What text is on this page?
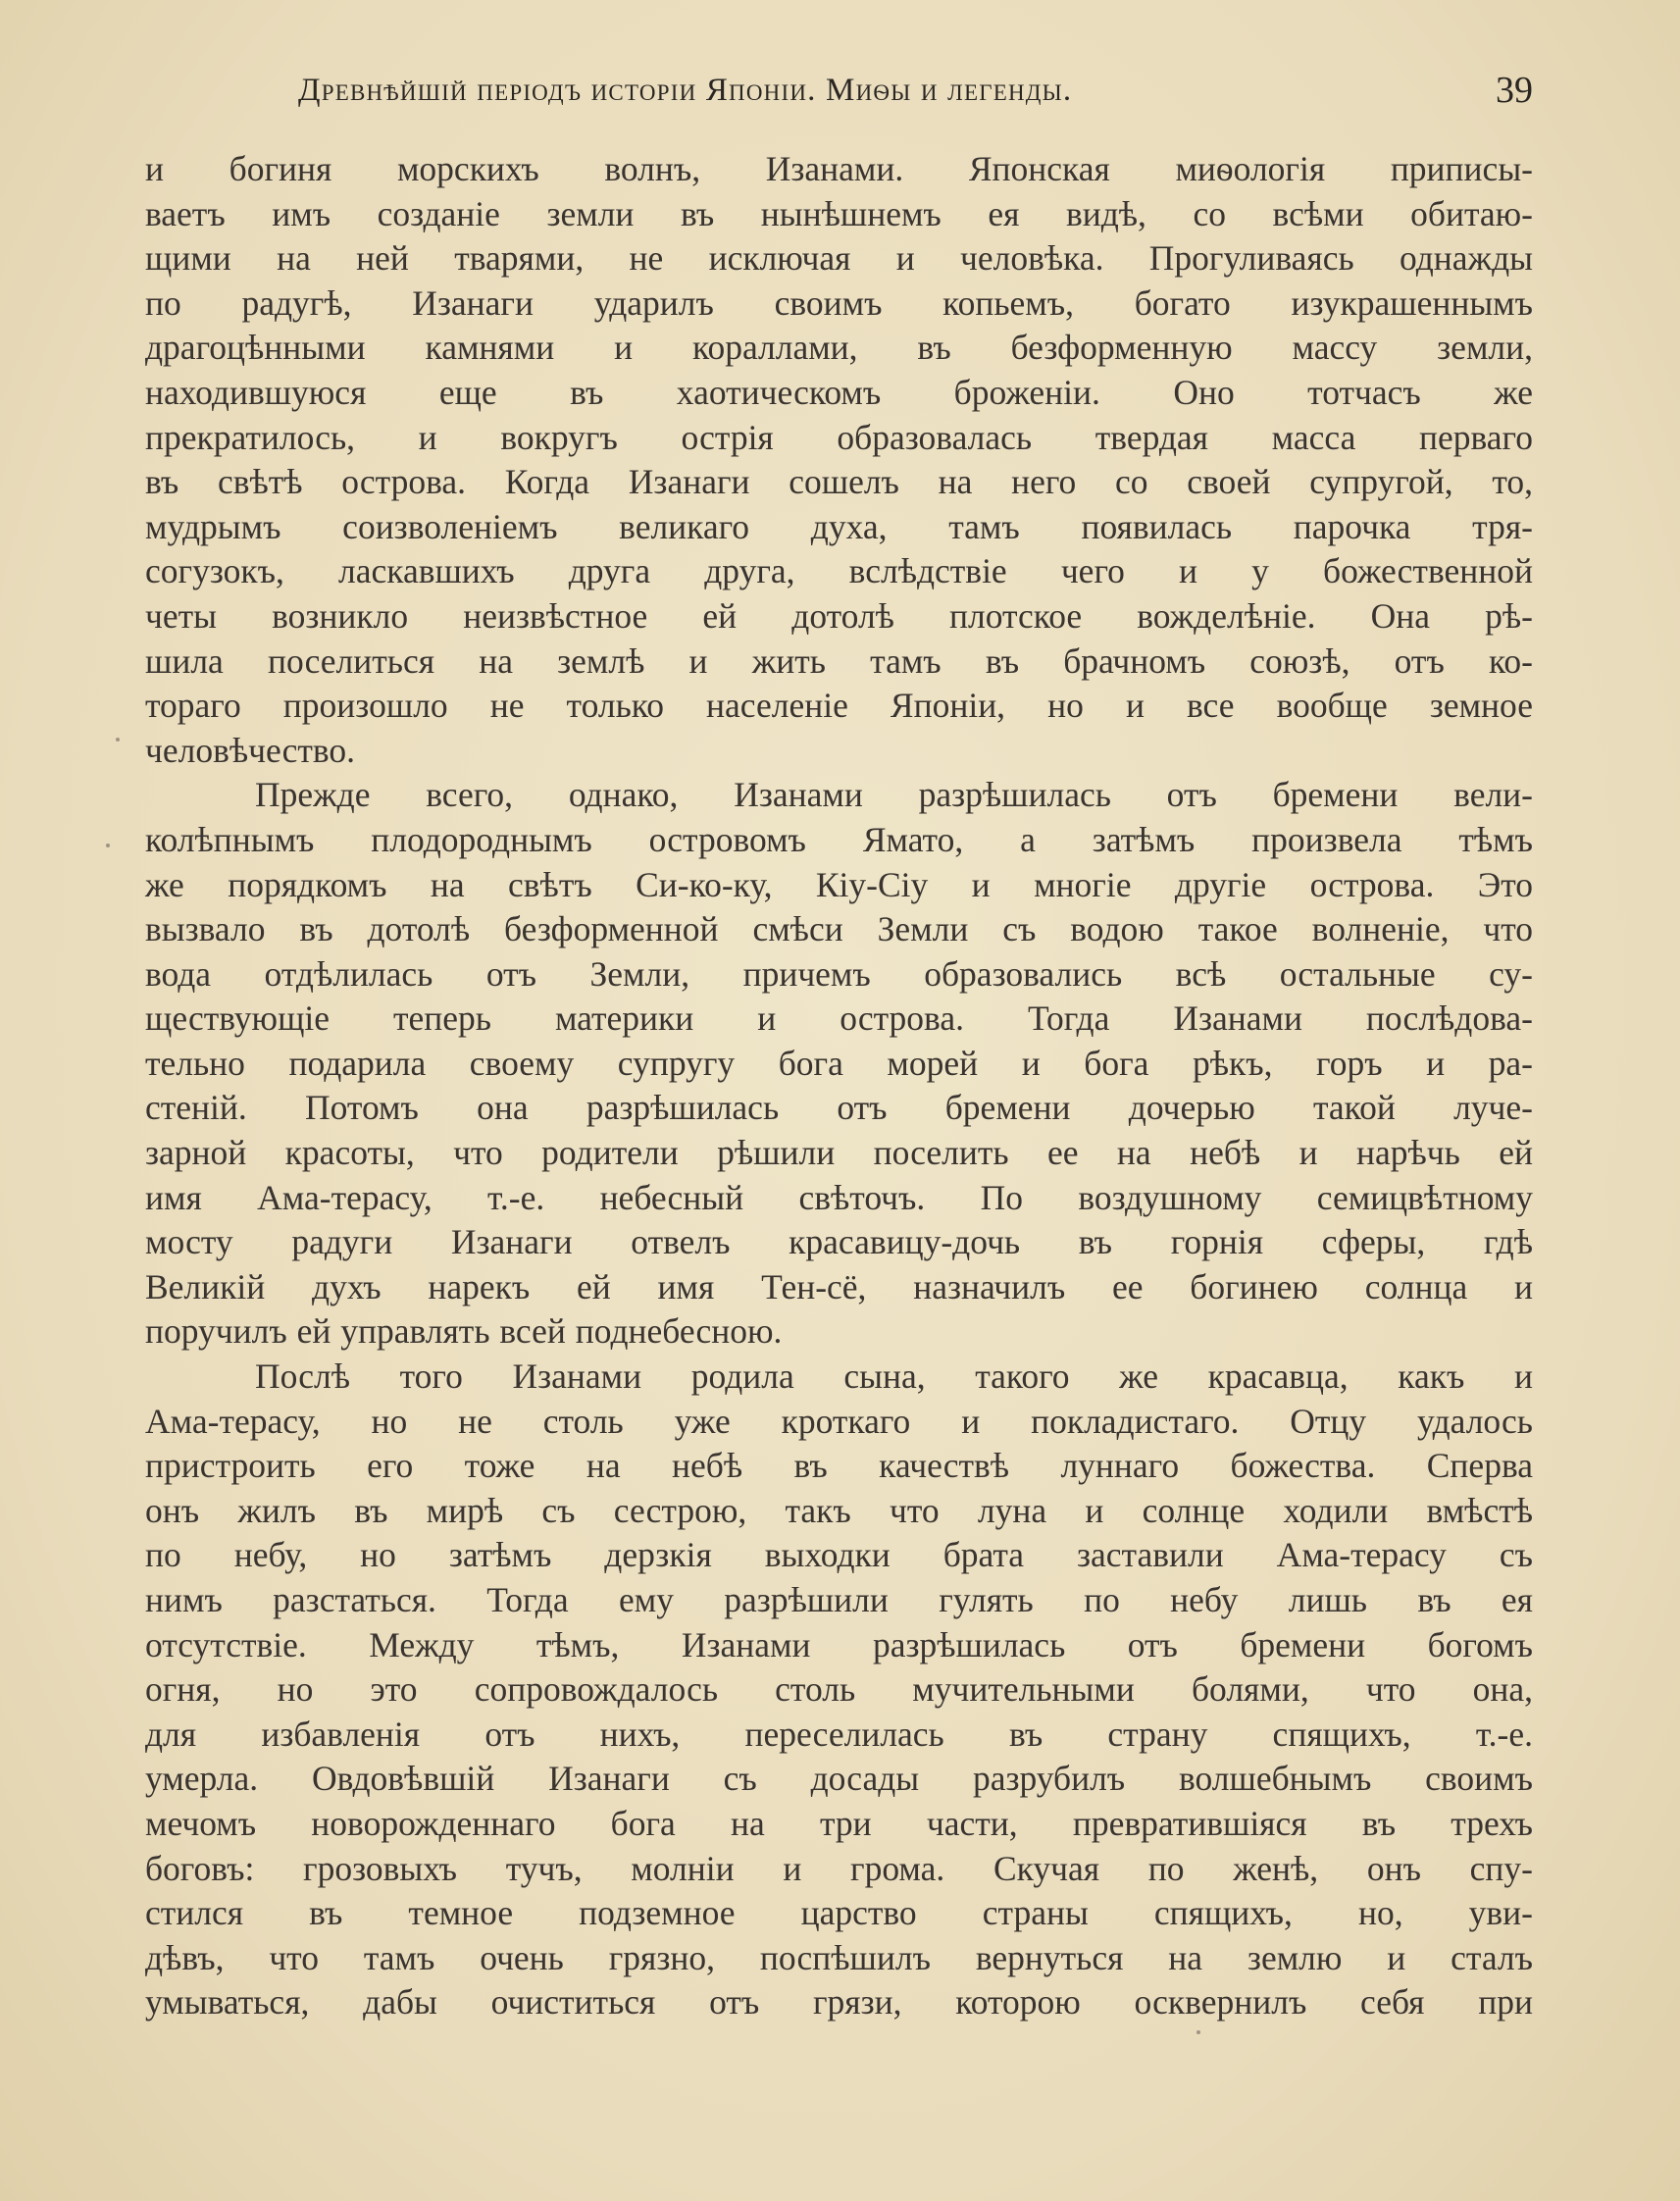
Древнѣйшій періодъ исторіи Японіи. Миѳы и легенды.	39
и богиня морскихъ волнъ, Изанами. Японская миѳологія приписы-
ваетъ имъ созданіе земли въ нынѣшнемъ ея видѣ, со всѣми обитаю-
щими на ней тварями, не исключая и человѣка. Прогуливаясь однажды
по радугѣ, Изанаги ударилъ своимъ копьемъ, богато изукрашеннымъ
драгоцѣнными камнями и кораллами, въ безформенную массу земли,
находившуюся еще въ хаотическомъ броженіи. Оно тотчасъ же
прекратилось, и вокругъ острія образовалась твердая масса перваго
въ свѣтѣ острова. Когда Изанаги сошелъ на него со своей супругой, то,
мудрымъ соизволеніемъ великаго духа, тамъ появилась парочка тря-
согузокъ, ласкавшихъ друга друга, вслѣдствіе чего и у божественной
четы возникло неизвѣстное ей дотолѣ плотское вожделѣніе. Она рѣ-
шила поселиться на землѣ и жить тамъ въ брачномъ союзѣ, отъ ко-
тораго произошло не только населеніе Японіи, но и все вообще земное
человѣчество.
Прежде всего, однако, Изанами разрѣшилась отъ бремени вели-
колѣпнымъ плодороднымъ островомъ Ямато, а затѣмъ произвела тѣмъ
же порядкомъ на свѣтъ Си-ко-ку, Кіу-Сіу и многіе другіе острова. Это
вызвало въ дотолѣ безформенной смѣси Земли съ водою такое волненіе, что
вода отдѣлилась отъ Земли, причемъ образовались всѣ остальные су-
ществующіе теперь материки и острова. Тогда Изанами послѣдова-
тельно подарила своему супругу бога морей и бога рѣкъ, горъ и ра-
стеній. Потомъ она разрѣшилась отъ бремени дочерью такой луче-
зарной красоты, что родители рѣшили поселить ее на небѣ и нарѣчь ей
имя Ама-терасу, т.-е. небесный свѣточъ. По воздушному семицвѣтному
мосту радуги Изанаги отвелъ красавицу-дочь въ горнія сферы, гдѣ
Великій духъ нарекъ ей имя Тен-сё, назначилъ ее богинею солнца и
поручилъ ей управлять всей поднебесною.
Послѣ того Изанами родила сына, такого же красавца, какъ и
Ама-терасу, но не столь уже кроткаго и покладистаго. Отцу удалось
пристроить его тоже на небѣ въ качествѣ луннаго божества. Сперва
онъ жилъ въ мирѣ съ сестрою, такъ что луна и солнце ходили вмѣстѣ
по небу, но затѣмъ дерзкія выходки брата заставили Ама-терасу съ
нимъ разстаться. Тогда ему разрѣшили гулять по небу лишь въ ея
отсутствіе. Между тѣмъ, Изанами разрѣшилась отъ бремени богомъ
огня, но это сопровождалось столь мучительными болями, что она,
для избавленія отъ нихъ, переселилась въ страну спящихъ, т.-е.
умерла. Овдовѣвшій Изанаги съ досады разрубилъ волшебнымъ своимъ
мечомъ новорожденнаго бога на три части, превратившіяся въ трехъ
боговъ: грозовыхъ тучъ, молніи и грома. Скучая по женѣ, онъ спу-
стился въ темное подземное царство страны спящихъ, но, уви-
дѣвъ, что тамъ очень грязно, поспѣшилъ вернуться на землю и сталъ
умываться, дабы очиститься отъ грязи, которою осквернилъ себя при
